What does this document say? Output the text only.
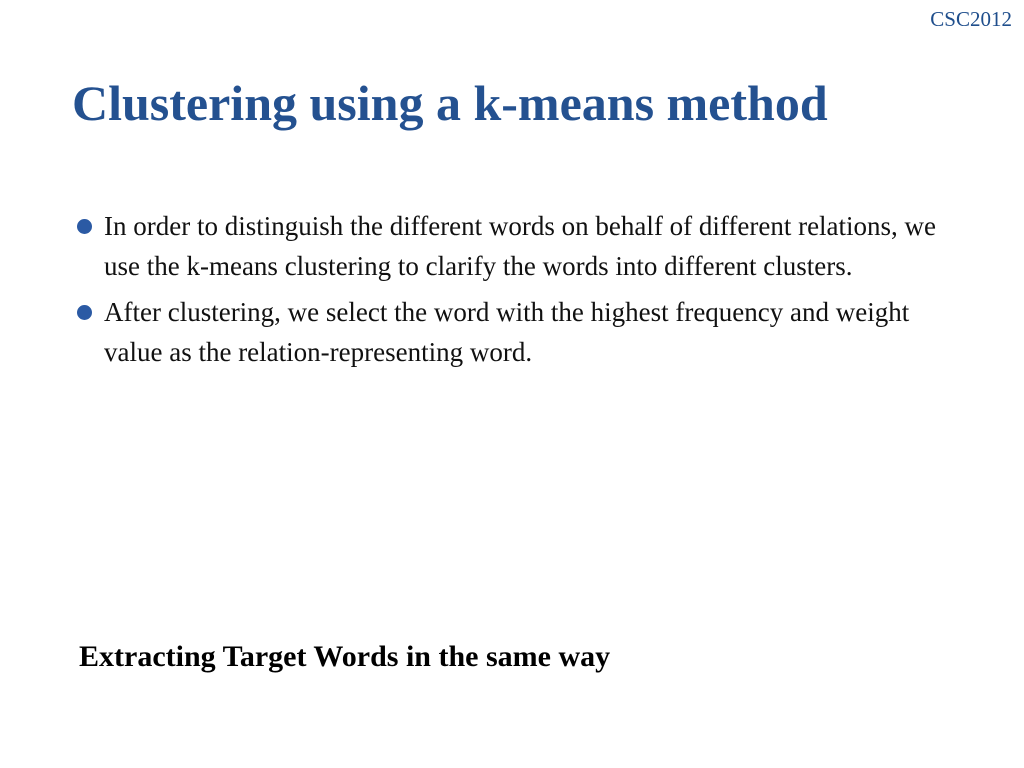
CSC2012
Clustering using a k-means method
In order to distinguish the different words on behalf of different relations, we use the k-means clustering to clarify the words into different clusters.
After clustering, we select the word with the highest frequency and weight value as the relation-representing word.
Extracting Target Words in the same way
